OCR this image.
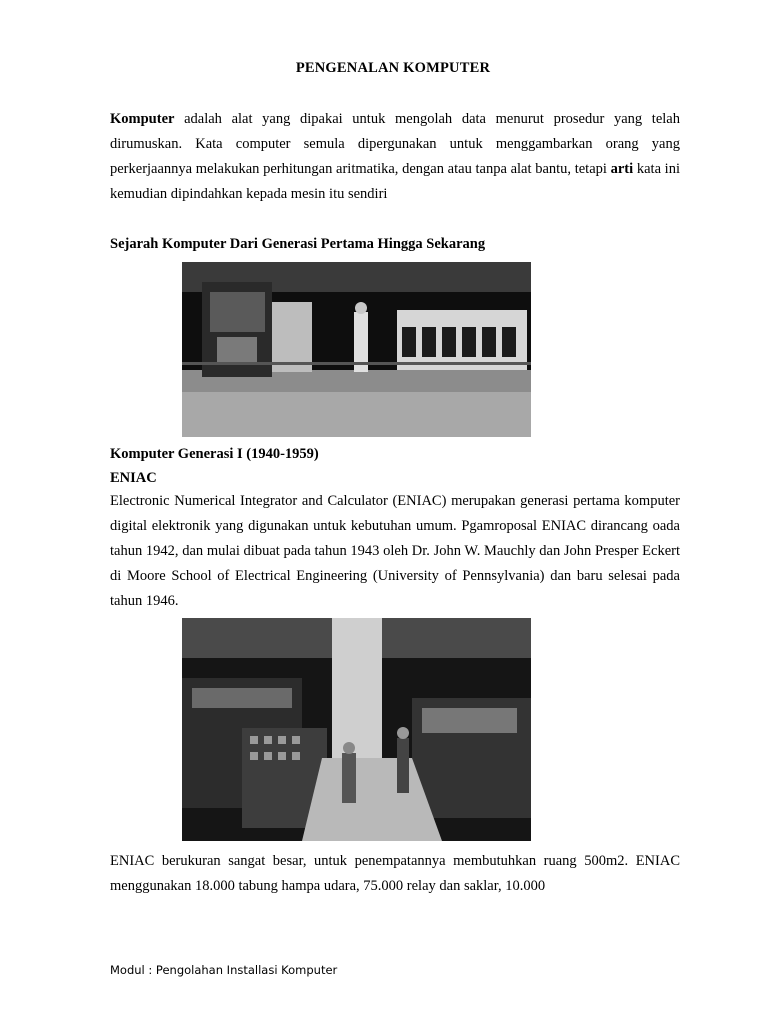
PENGENALAN KOMPUTER
Komputer adalah alat yang dipakai untuk mengolah data menurut prosedur yang telah dirumuskan. Kata computer semula dipergunakan untuk menggambarkan orang yang perkerjaannya melakukan perhitungan aritmatika, dengan atau tanpa alat bantu, tetapi arti kata ini kemudian dipindahkan kepada mesin itu sendiri
Sejarah Komputer Dari Generasi Pertama Hingga Sekarang
Komputer Generasi I (1940-1959)
ENIAC
Electronic Numerical Integrator and Calculator (ENIAC) merupakan generasi pertama komputer digital elektronik yang digunakan untuk kebutuhan umum. Pgamroposal ENIAC dirancang oada tahun 1942, dan mulai dibuat pada tahun 1943 oleh Dr. John W. Mauchly dan John Presper Eckert di Moore School of Electrical Engineering (University of Pennsylvania) dan baru selesai pada tahun 1946.
ENIAC berukuran sangat besar, untuk penempatannya membutuhkan ruang 500m2. ENIAC menggunakan 18.000 tabung hampa udara, 75.000 relay dan saklar, 10.000
Modul : Pengolahan Installasi Komputer
